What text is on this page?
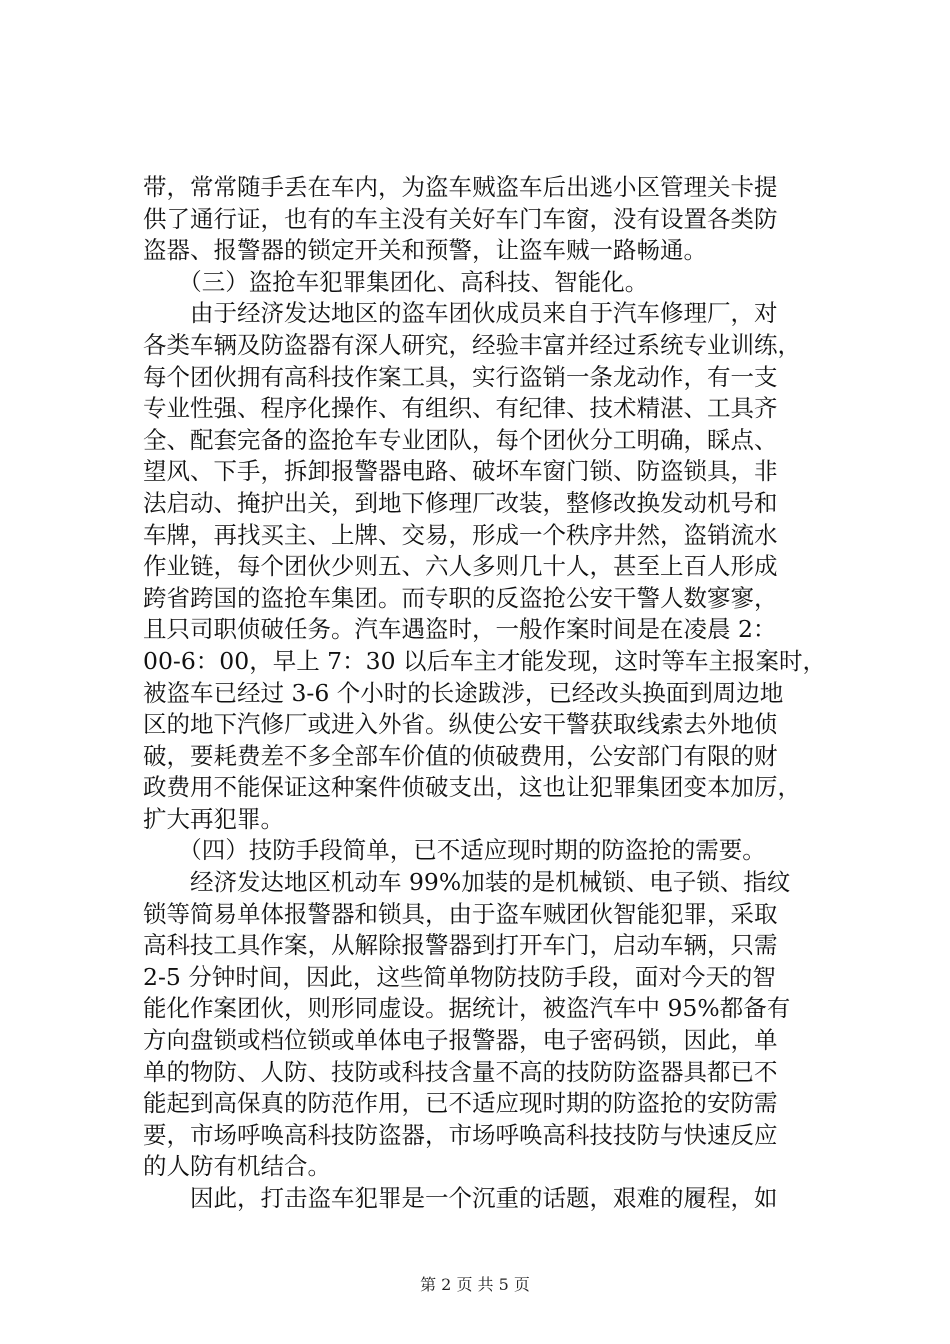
带，常常随手丢在车内，为盗车贼盗车后出逃小区管理关卡提
供了通行证，也有的车主没有关好车门车窗，没有设置各类防
盗器、报警器的锁定开关和预警，让盗车贼一路畅通。
　　（三）盗抢车犯罪集团化、高科技、智能化。
　　由于经济发达地区的盗车团伙成员来自于汽车修理厂，对
各类车辆及防盗器有深人研究，经验丰富并经过系统专业训练，
每个团伙拥有高科技作案工具，实行盗销一条龙动作，有一支
专业性强、程序化操作、有组织、有纪律、技术精湛、工具齐
全、配套完备的盗抢车专业团队，每个团伙分工明确，睬点、
望风、下手，拆卸报警器电路、破坏车窗门锁、防盗锁具，非
法启动、掩护出关，到地下修理厂改装，整修改换发动机号和
车牌，再找买主、上牌、交易，形成一个秩序井然，盗销流水
作业链，每个团伙少则五、六人多则几十人，甚至上百人形成
跨省跨国的盗抢车集团。而专职的反盗抢公安干警人数寥寥，
且只司职侦破任务。汽车遇盗时，一般作案时间是在凌晨 2：
00-6：00，早上 7：30 以后车主才能发现，这时等车主报案时，
被盗车已经过 3-6 个小时的长途跋涉，已经改头换面到周边地
区的地下汽修厂或进入外省。纵使公安干警获取线索去外地侦
破，要耗费差不多全部车价值的侦破费用，公安部门有限的财
政费用不能保证这种案件侦破支出，这也让犯罪集团变本加厉，
扩大再犯罪。
　　（四）技防手段简单，已不适应现时期的防盗抢的需要。
　　经济发达地区机动车 99%加装的是机械锁、电子锁、指纹
锁等简易单体报警器和锁具，由于盗车贼团伙智能犯罪，采取
高科技工具作案，从解除报警器到打开车门，启动车辆，只需
2-5 分钟时间，因此，这些简单物防技防手段，面对今天的智
能化作案团伙，则形同虚设。据统计，被盗汽车中 95%都备有
方向盘锁或档位锁或单体电子报警器，电子密码锁，因此，单
单的物防、人防、技防或科技含量不高的技防防盗器具都已不
能起到高保真的防范作用，已不适应现时期的防盗抢的安防需
要，市场呼唤高科技防盗器，市场呼唤高科技技防与快速反应
的人防有机结合。
　　因此，打击盗车犯罪是一个沉重的话题，艰难的履程，如
第 2 页 共 5 页
